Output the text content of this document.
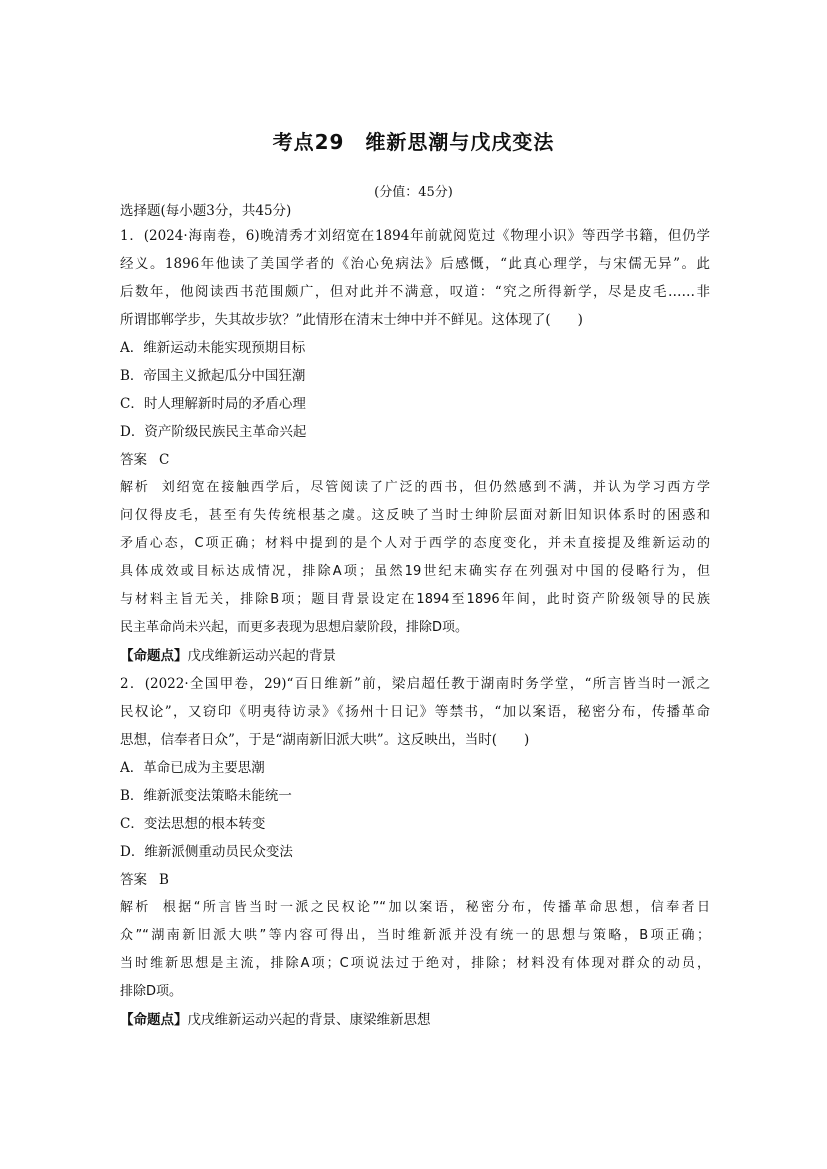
考点29　维新思潮与戊戌变法
(分值：45分)
选择题(每小题3分，共45分)
1．(2024·海南卷，6)晚清秀才刘绍宽在1894年前就阅览过《物理小识》等西学书籍，但仍学
经义。1896年他读了美国学者的《治心免病法》后感慨，“此真心理学，与宋儒无异”。此
后数年，他阅读西书范围颇广，但对此并不满意，叹道：“究之所得新学，尽是皮毛……非
所谓邯郸学步，失其故步欤？”此情形在清末士绅中并不鲜见。这体现了(　　)
A．维新运动未能实现预期目标
B．帝国主义掀起瓜分中国狂潮
C．时人理解新时局的矛盾心理
D．资产阶级民族民主革命兴起
答案 C
解析 刘绍宽在接触西学后，尽管阅读了广泛的西书，但仍然感到不满，并认为学习西方学
问仅得皮毛，甚至有失传统根基之虞。这反映了当时士绅阶层面对新旧知识体系时的困惑和
矛盾心态，C项正确；材料中提到的是个人对于西学的态度变化，并未直接提及维新运动的
具体成效或目标达成情况，排除A项；虽然19世纪末确实存在列强对中国的侵略行为，但
与材料主旨无关，排除B项；题目背景设定在1894至1896年间，此时资产阶级领导的民族
民主革命尚未兴起，而更多表现为思想启蒙阶段，排除D项。
【命题点】戊戌维新运动兴起的背景
2．(2022·全国甲卷，29)“百日维新”前，梁启超任教于湖南时务学堂，“所言皆当时一派之
民权论”，又窃印《明夷待访录》《扬州十日记》等禁书，“加以案语，秘密分布，传播革命
思想，信奉者日众”，于是“湖南新旧派大哄”。这反映出，当时(　　)
A．革命已成为主要思潮
B．维新派变法策略未能统一
C．变法思想的根本转变
D．维新派侧重动员民众变法
答案 B
解析 根据“所言皆当时一派之民权论”“加以案语，秘密分布，传播革命思想，信奉者日
众”“湖南新旧派大哄”等内容可得出，当时维新派并没有统一的思想与策略，B项正确；
当时维新思想是主流，排除A项；C项说法过于绝对，排除；材料没有体现对群众的动员，
排除D项。
【命题点】戊戌维新运动兴起的背景、康梁维新思想
